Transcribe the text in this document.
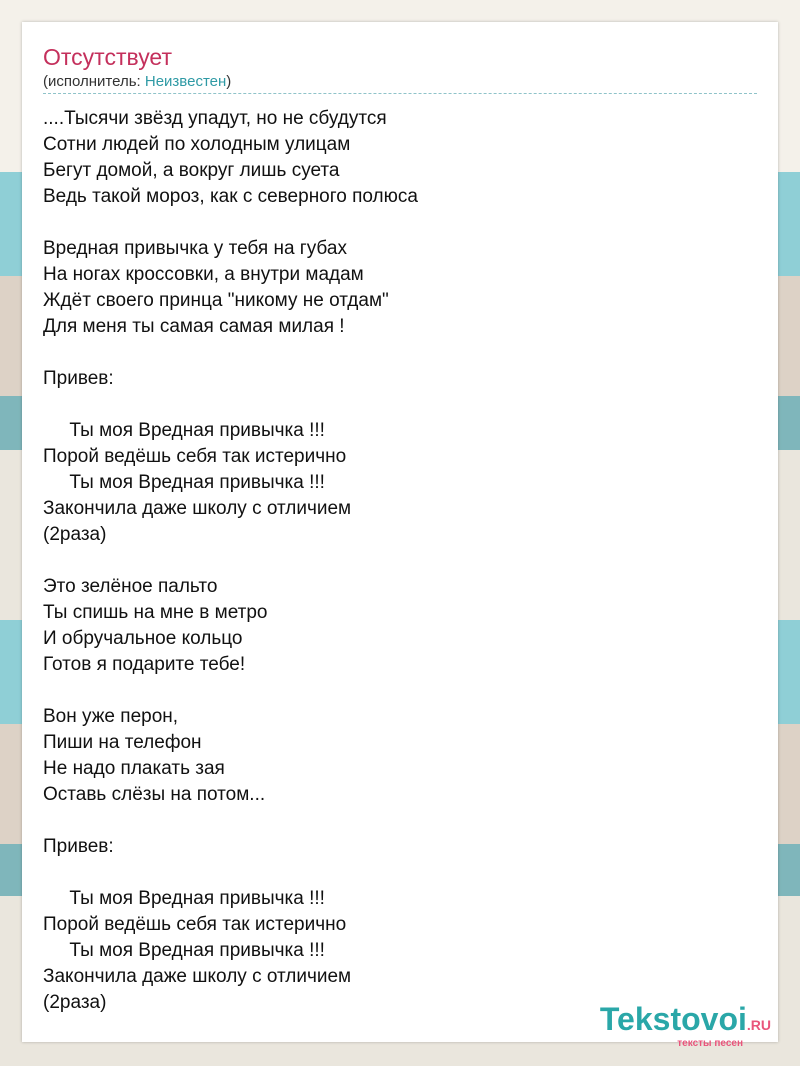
Отсутствует
(исполнитель: Неизвестен)
....Тысячи звёзд упадут, но не сбудутся
Сотни людей по холодным улицам
Бегут домой, а вокруг лишь суета
Ведь такой мороз, как с северного полюса

Вредная привычка у тебя на губах
На ногах кроссовки, а внутри мадам
Ждёт своего принца "никому не отдам"
Для меня ты самая самая милая !

Привев:

Ты моя Вредная привычка !!!
Порой ведёшь себя так истерично
Ты моя Вредная привычка !!!
Закончила даже школу с отличием
(2раза)

Это зелёное пальто
Ты спишь на мне в метро
И обручальное кольцо
Готов я подарите тебе!

Вон уже перон,
Пиши на телефон
Не надо плакать зая
Оставь слёзы на потом...

Привев:

Ты моя Вредная привычка !!!
Порой ведёшь себя так истерично
Ты моя Вредная привычка !!!
Закончила даже школу с отличием
(2раза)	Tekstovoi.RU
тексты песен
